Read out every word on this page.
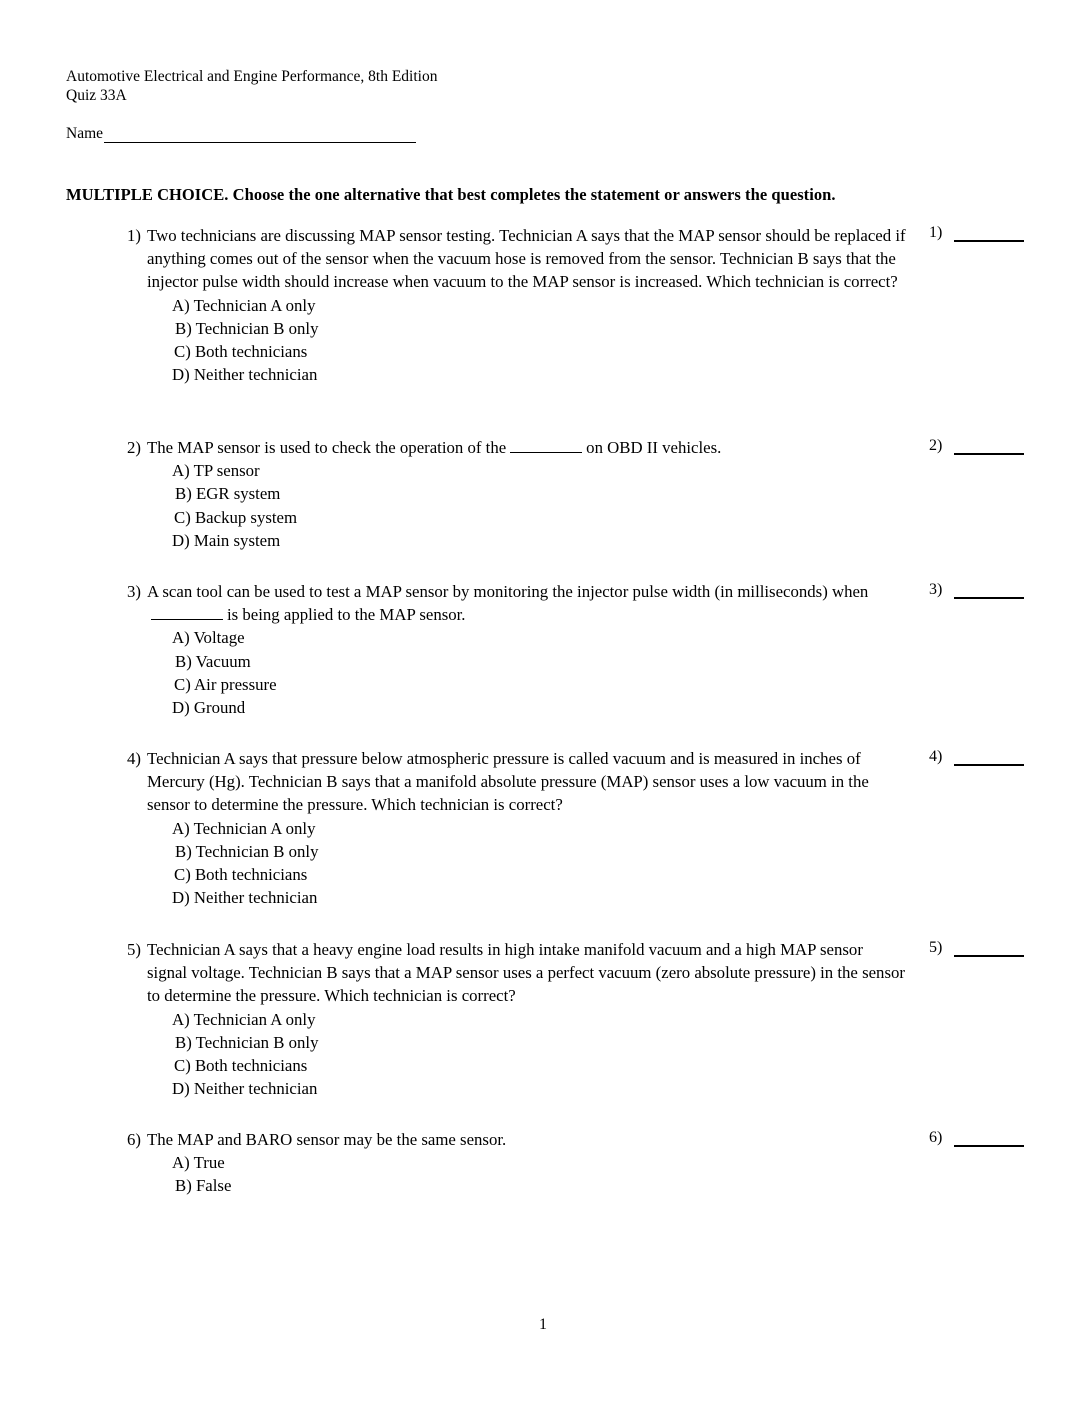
Automotive Electrical and Engine Performance, 8th Edition
Quiz 33A
Name
MULTIPLE CHOICE. Choose the one alternative that best completes the statement or answers the question.
1) Two technicians are discussing MAP sensor testing. Technician A says that the MAP sensor should be replaced if anything comes out of the sensor when the vacuum hose is removed from the sensor. Technician B says that the injector pulse width should increase when vacuum to the MAP sensor is increased. Which technician is correct?
A) Technician A only
B) Technician B only
C) Both technicians
D) Neither technician
1)
2) The MAP sensor is used to check the operation of the	on OBD II vehicles.
A) TP sensor
B) EGR system
C) Backup system
D) Main system
2)
3) A scan tool can be used to test a MAP sensor by monitoring the injector pulse width (in milliseconds) whenis being applied to the MAP sensor.
A) Voltage
B) Vacuum
C) Air pressure
D) Ground
3)
4) Technician A says that pressure below atmospheric pressure is called vacuum and is measured in inches of Mercury (Hg). Technician B says that a manifold absolute pressure (MAP) sensor uses a low vacuum in the sensor to determine the pressure. Which technician is correct?
A) Technician A only
B) Technician B only
C) Both technicians
D) Neither technician
4)
5) Technician A says that a heavy engine load results in high intake manifold vacuum and a high MAP sensor signal voltage. Technician B says that a MAP sensor uses a perfect vacuum (zero absolute pressure) in the sensor to determine the pressure. Which technician is correct?
A) Technician A only
B) Technician B only
C) Both technicians
D) Neither technician
5)
6) The MAP and BARO sensor may be the same sensor.
A) True
B) False
6)
1
